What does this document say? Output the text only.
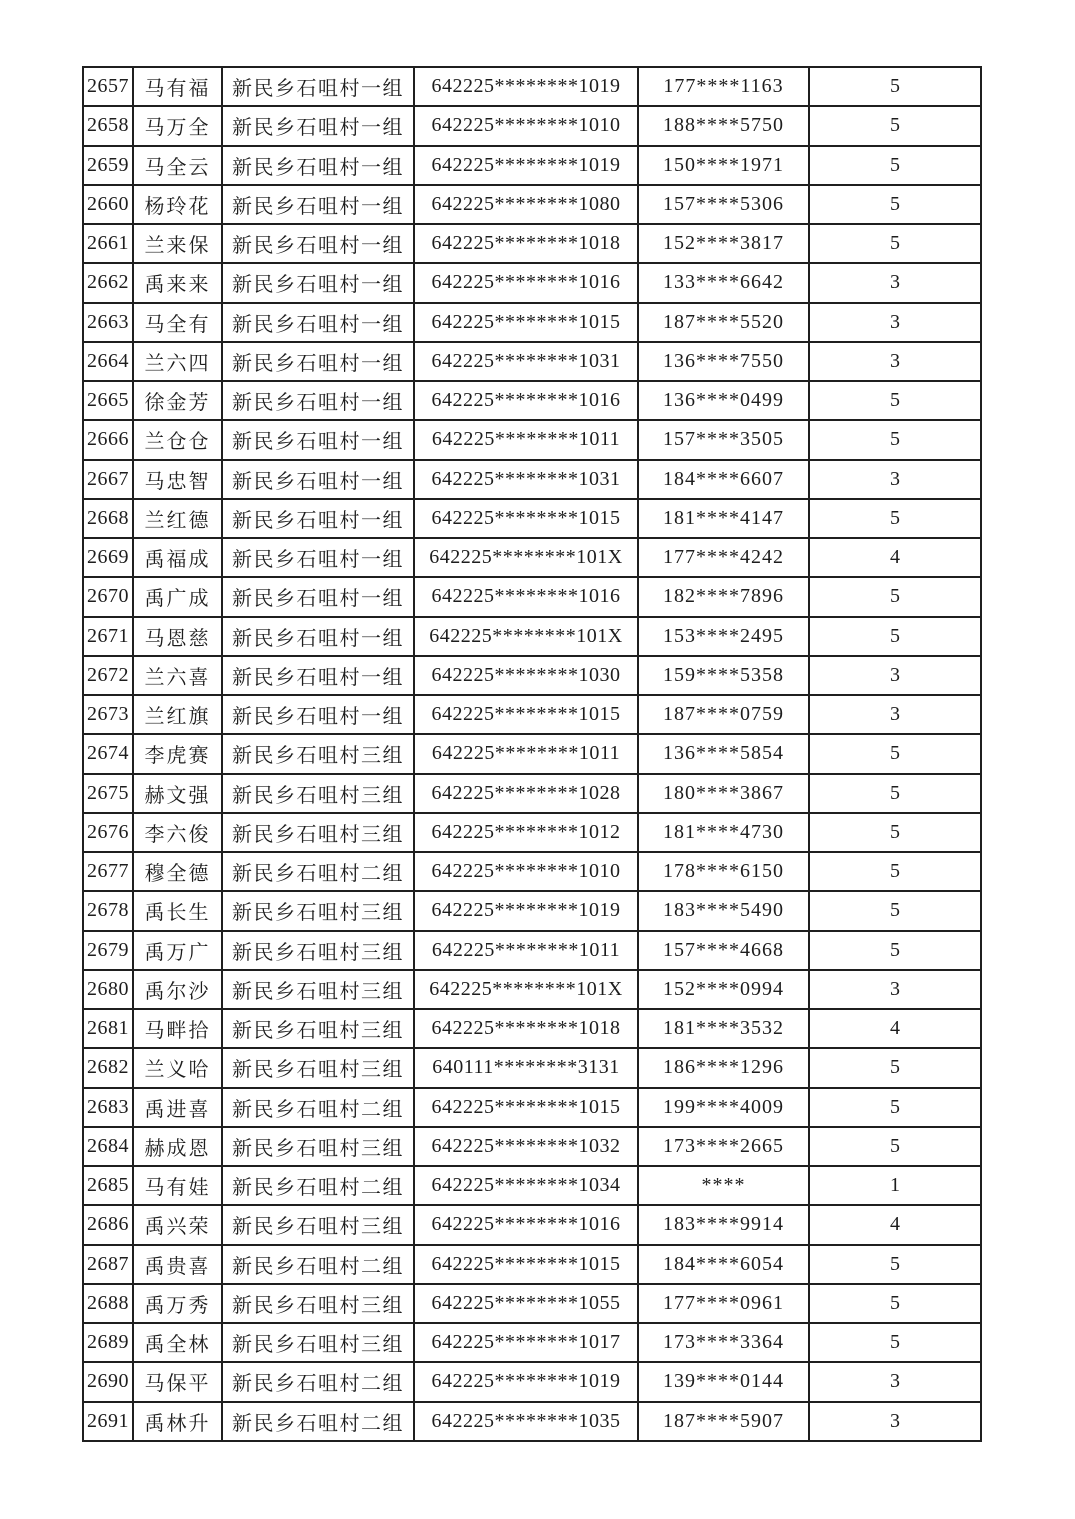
2657	马有福	新民乡石咀村一组	642225********1019	177****1163	5
2658	马万全	新民乡石咀村一组	642225********1010	188****5750	5
2659	马全云	新民乡石咀村一组	642225********1019	150****1971	5
2660	杨玲花	新民乡石咀村一组	642225********1080	157****5306	5
2661	兰来保	新民乡石咀村一组	642225********1018	152****3817	5
2662	禹来来	新民乡石咀村一组	642225********1016	133****6642	3
2663	马全有	新民乡石咀村一组	642225********1015	187****5520	3
2664	兰六四	新民乡石咀村一组	642225********1031	136****7550	3
2665	徐金芳	新民乡石咀村一组	642225********1016	136****0499	5
2666	兰仓仓	新民乡石咀村一组	642225********1011	157****3505	5
2667	马忠智	新民乡石咀村一组	642225********1031	184****6607	3
2668	兰红德	新民乡石咀村一组	642225********1015	181****4147	5
2669	禹福成	新民乡石咀村一组	642225********101X	177****4242	4
2670	禹广成	新民乡石咀村一组	642225********1016	182****7896	5
2671	马恩慈	新民乡石咀村一组	642225********101X	153****2495	5
2672	兰六喜	新民乡石咀村一组	642225********1030	159****5358	3
2673	兰红旗	新民乡石咀村一组	642225********1015	187****0759	3
2674	李虎赛	新民乡石咀村三组	642225********1011	136****5854	5
2675	赫文强	新民乡石咀村三组	642225********1028	180****3867	5
2676	李六俊	新民乡石咀村三组	642225********1012	181****4730	5
2677	穆全德	新民乡石咀村二组	642225********1010	178****6150	5
2678	禹长生	新民乡石咀村三组	642225********1019	183****5490	5
2679	禹万广	新民乡石咀村三组	642225********1011	157****4668	5
2680	禹尔沙	新民乡石咀村三组	642225********101X	152****0994	3
2681	马畔拾	新民乡石咀村三组	642225********1018	181****3532	4
2682	兰义哈	新民乡石咀村三组	640111********3131	186****1296	5
2683	禹进喜	新民乡石咀村二组	642225********1015	199****4009	5
2684	赫成恩	新民乡石咀村三组	642225********1032	173****2665	5
2685	马有娃	新民乡石咀村二组	642225********1034	****	1
2686	禹兴荣	新民乡石咀村三组	642225********1016	183****9914	4
2687	禹贵喜	新民乡石咀村二组	642225********1015	184****6054	5
2688	禹万秀	新民乡石咀村三组	642225********1055	177****0961	5
2689	禹全林	新民乡石咀村三组	642225********1017	173****3364	5
2690	马保平	新民乡石咀村二组	642225********1019	139****0144	3
2691	禹林升	新民乡石咀村二组	642225********1035	187****5907	3
